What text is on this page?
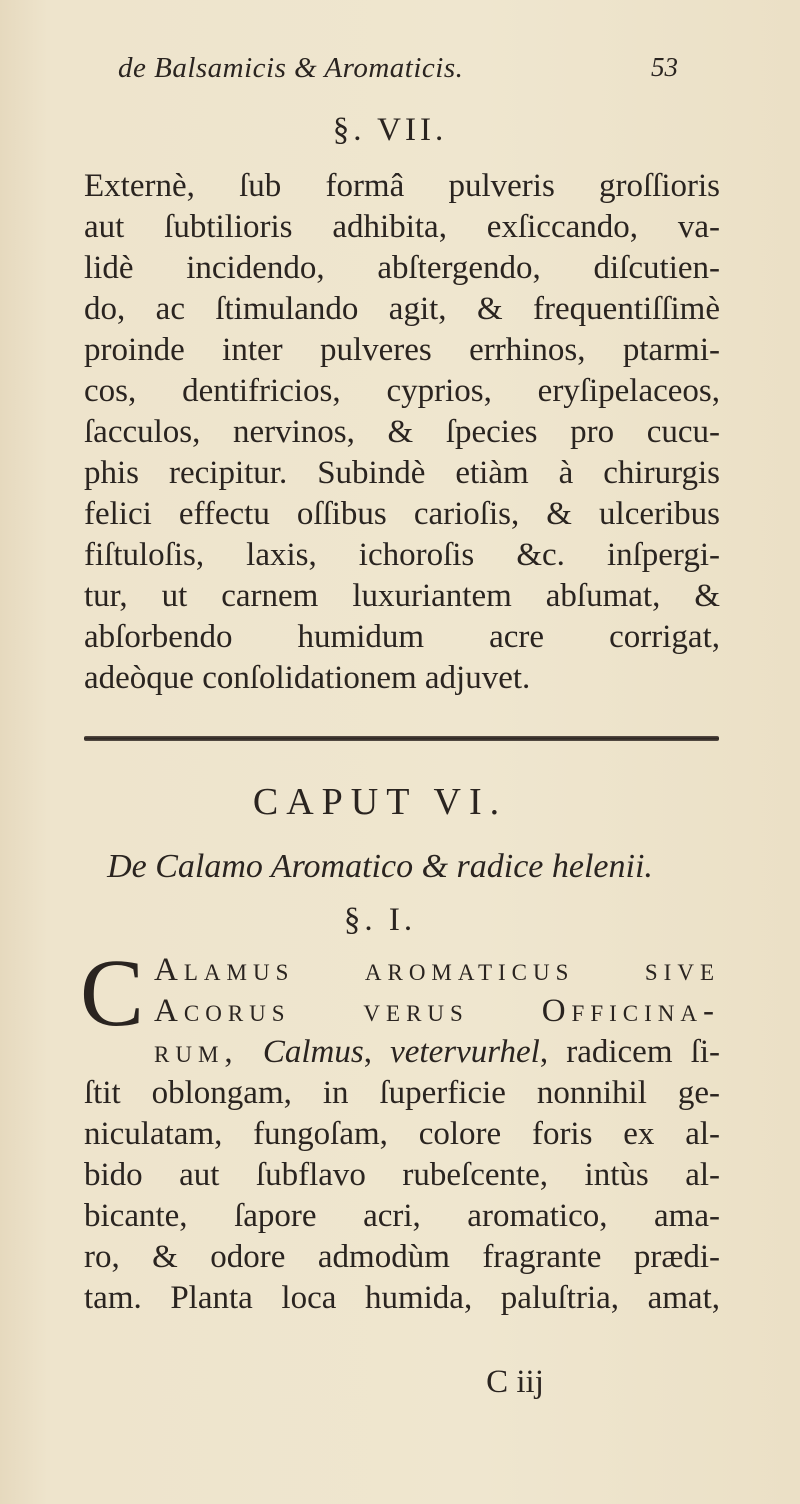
de Balsamicis & Aromaticis.	53
§. VII.
Externè, ſub formâ pulveris groſſioris
aut ſubtilioris adhibita, exſiccando, va-
lidè incidendo, abſtergendo, diſcutien-
do, ac ſtimulando agit, & frequentiſſimè
proinde inter pulveres errhinos, ptarmi-
cos, dentifricios, cyprios, eryſipelaceos,
ſacculos, nervinos, & ſpecies pro cucu-
phis recipitur. Subindè etiàm à chirurgis
felici effectu oſſibus carioſis, & ulceribus
fiſtuloſis, laxis, ichoroſis &c. inſpergi-
tur, ut carnem luxuriantem abſumat, &
abſorbendo humidum acre corrigat,
adeòque conſolidationem adjuvet.
CAPUT VI.
De Calamo Aromatico & radice helenii.
§. I.
C Alamus aromaticus ſive
Acorus verus Officina-
rum, Calmus, vetervurhel, radicem ſi-
ſtit oblongam, in ſuperficie nonnihil ge-
niculatam, fungoſam, colore foris ex al-
bido aut ſubflavo rubeſcente, intùs al-
bicante, ſapore acri, aromatico, ama-
ro, & odore admodùm fragrante prædi-
tam. Planta loca humida, paluſtria, amat,
C iij
